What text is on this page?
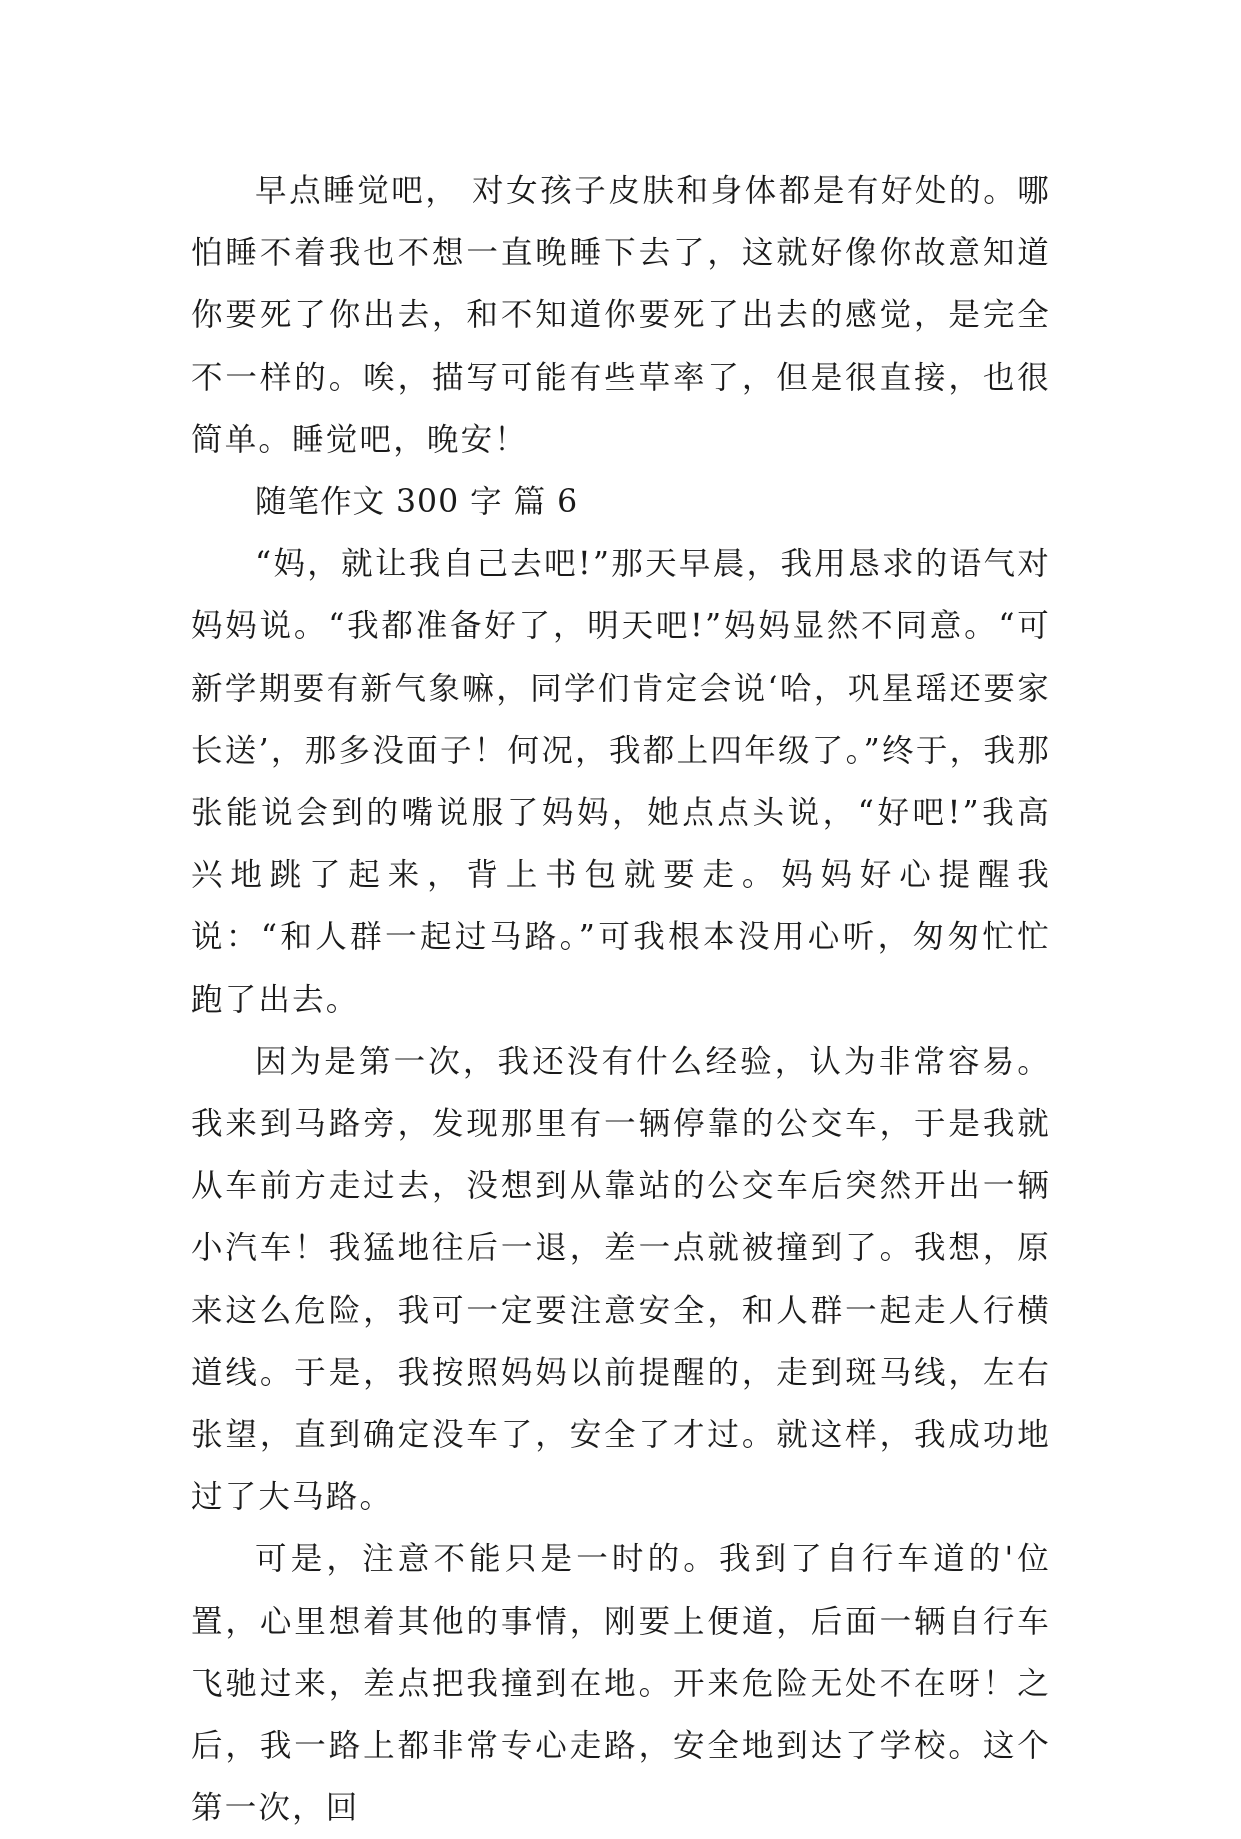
早点睡觉吧， 对女孩子皮肤和身体都是有好处的。哪怕睡不着我也不想一直晚睡下去了，这就好像你故意知道你要死了你出去，和不知道你要死了出去的感觉，是完全不一样的。唉，描写可能有些草率了，但是很直接，也很简单。睡觉吧，晚安！

随笔作文 300 字 篇 6

“妈，就让我自己去吧!”那天早晨，我用恳求的语气对妈妈说。“我都准备好了，明天吧!”妈妈显然不同意。“可新学期要有新气象嘛，同学们肯定会说‘哈，巩星瑶还要家长送’，那多没面子！何况，我都上四年级了。”终于，我那张能说会到的嘴说服了妈妈，她点点头说，“好吧!”我高兴地跳了起来，背上书包就要走。妈妈好心提醒我说：“和人群一起过马路。”可我根本没用心听，匆匆忙忙跑了出去。

因为是第一次，我还没有什么经验，认为非常容易。我来到马路旁，发现那里有一辆停靠的公交车，于是我就从车前方走过去，没想到从靠站的公交车后突然开出一辆小汽车！我猛地往后一退，差一点就被撞到了。我想，原来这么危险，我可一定要注意安全，和人群一起走人行横道线。于是，我按照妈妈以前提醒的，走到斑马线，左右张望，直到确定没车了，安全了才过。就这样，我成功地过了大马路。

可是，注意不能只是一时的。我到了自行车道的'位置，心里想着其他的事情，刚要上便道，后面一辆自行车飞驰过来，差点把我撞到在地。开来危险无处不在呀！之后，我一路上都非常专心走路，安全地到达了学校。这个第一次，回
